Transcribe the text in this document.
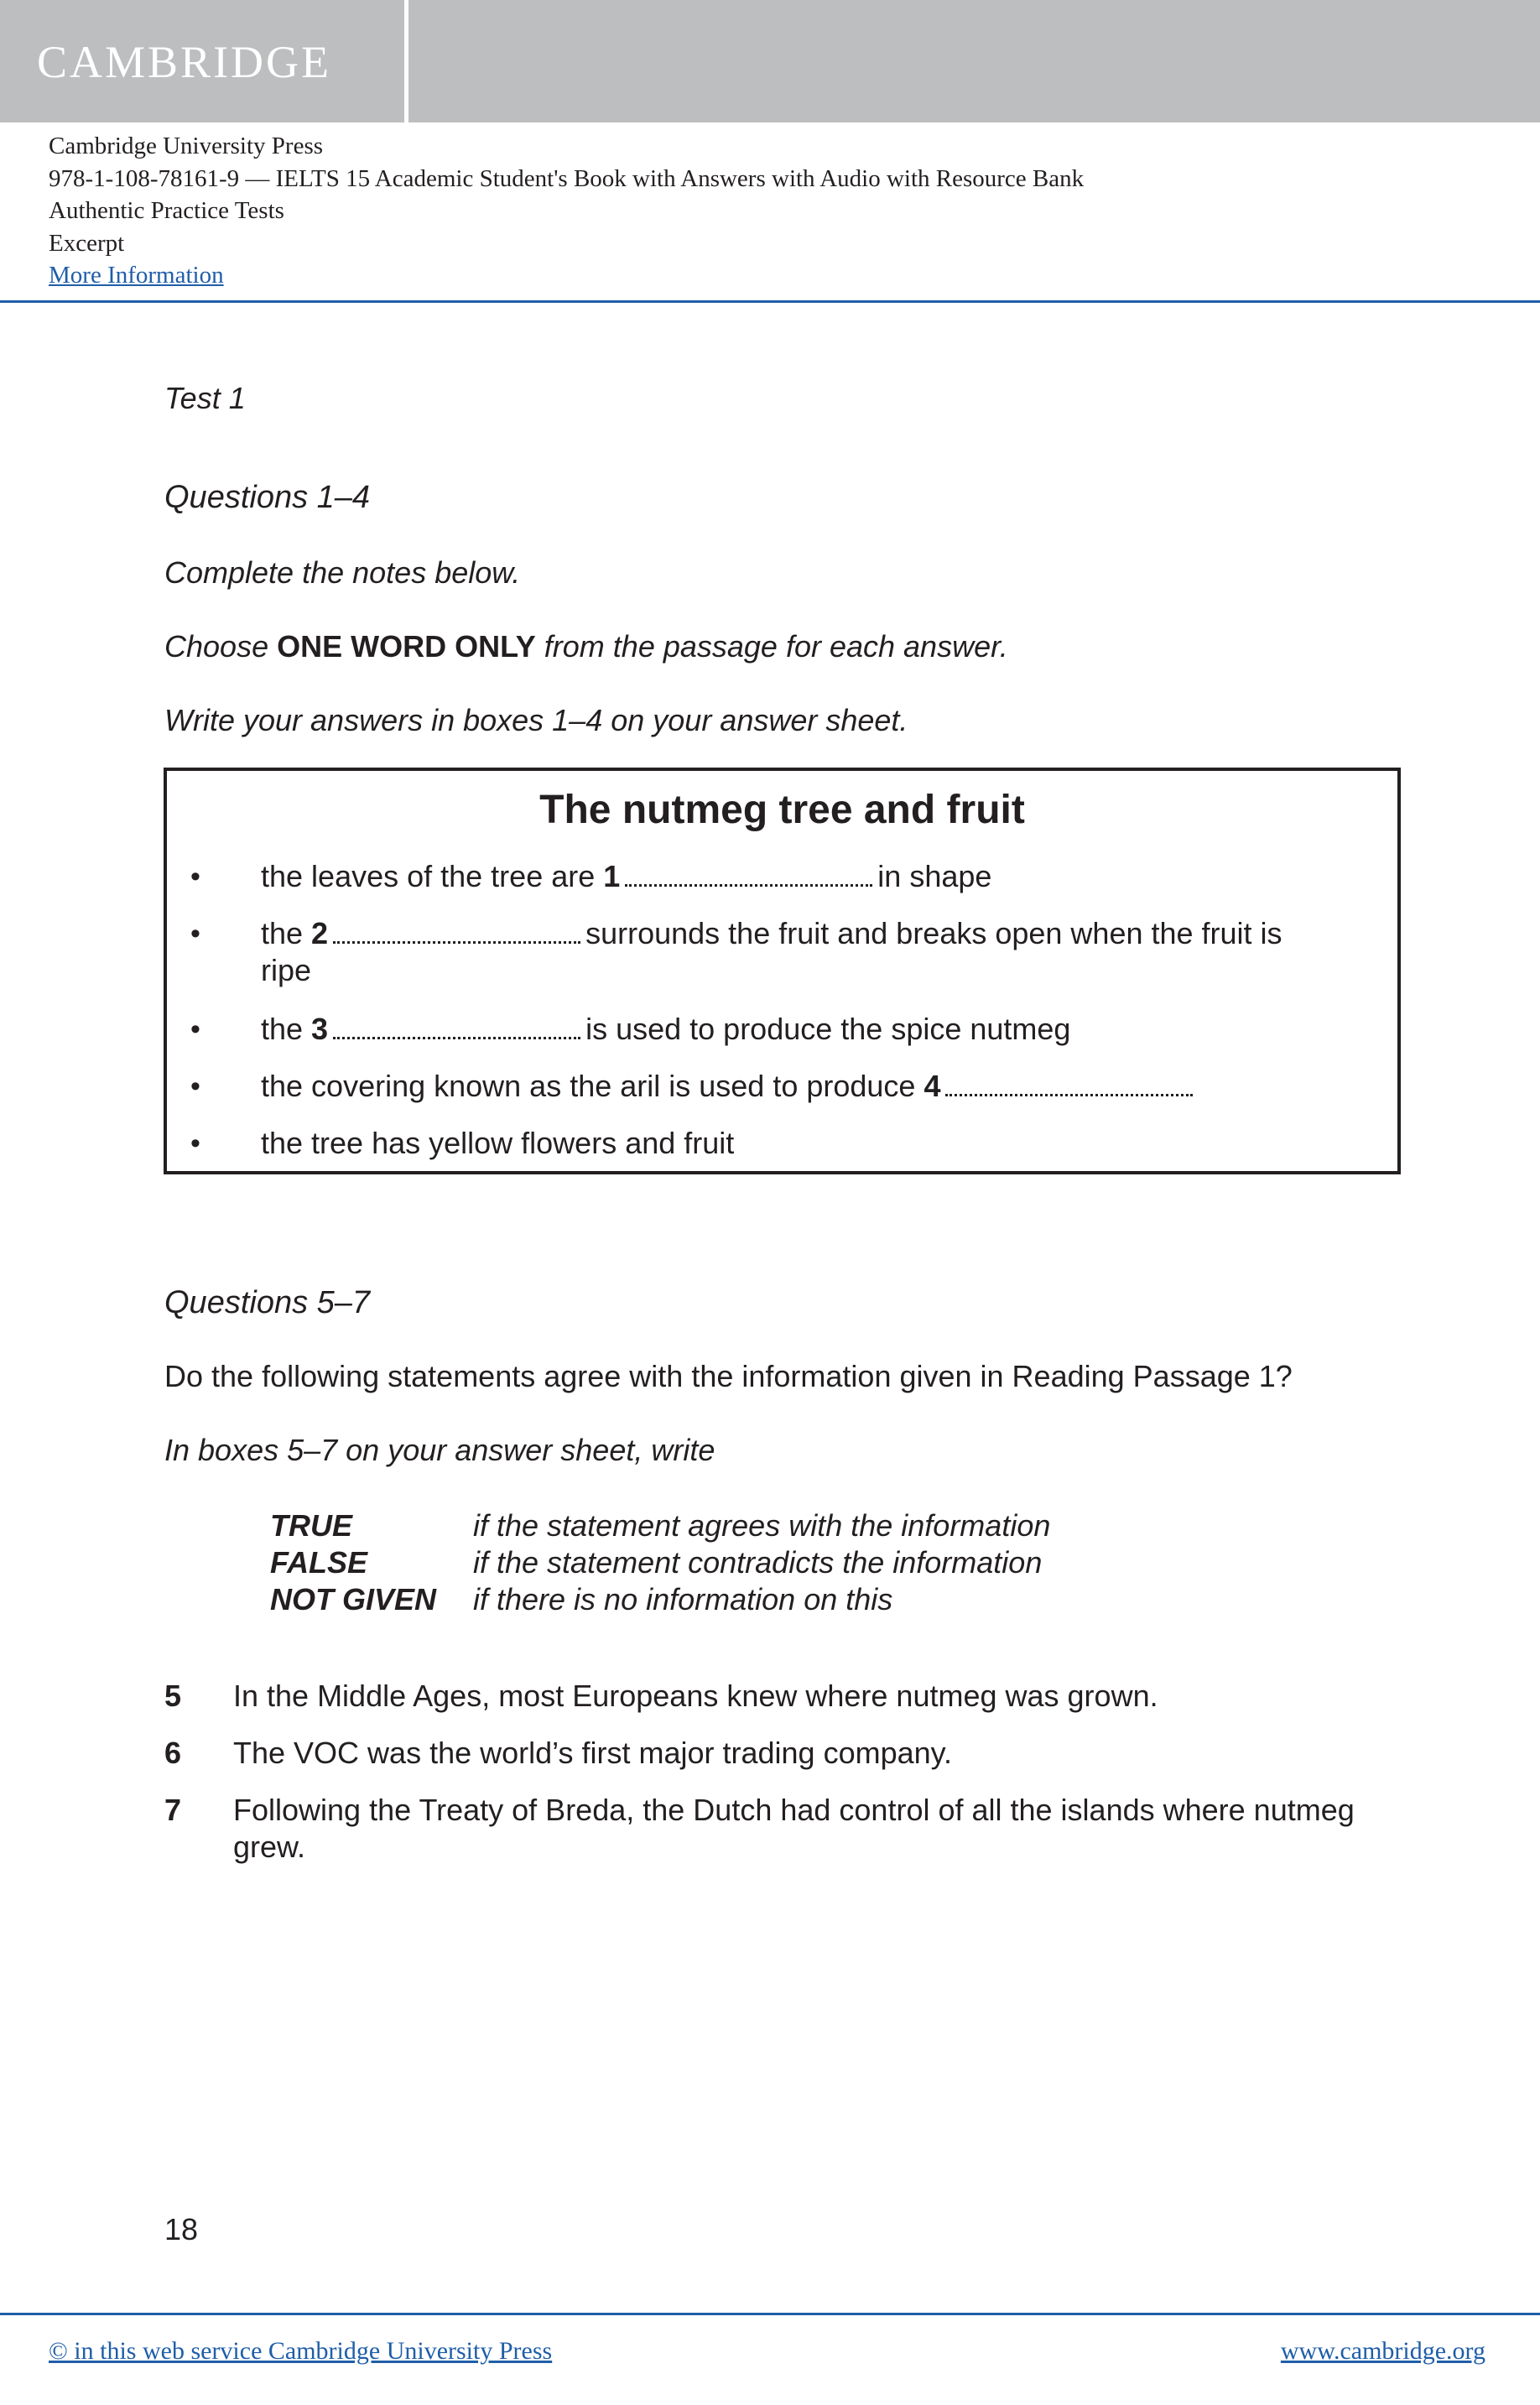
CAMBRIDGE
Cambridge University Press
978-1-108-78161-9 — IELTS 15 Academic Student's Book with Answers with Audio with Resource Bank
Authentic Practice Tests
Excerpt
More Information
Test 1
Questions 1–4
Complete the notes below.
Choose ONE WORD ONLY from the passage for each answer.
Write your answers in boxes 1–4 on your answer sheet.
The nutmeg tree and fruit
• the leaves of the tree are 1	in shape
• the 2	surrounds the fruit and breaks open when the fruit is ripe
• the 3	is used to produce the spice nutmeg
• the covering known as the aril is used to produce 4
• the tree has yellow flowers and fruit
Questions 5–7
Do the following statements agree with the information given in Reading Passage 1?
In boxes 5–7 on your answer sheet, write
TRUE	if the statement agrees with the information
FALSE	if the statement contradicts the information
NOT GIVEN if there is no information on this
5 In the Middle Ages, most Europeans knew where nutmeg was grown.
6 The VOC was the world’s first major trading company.
7 Following the Treaty of Breda, the Dutch had control of all the islands where nutmeg grew.
18
© in this web service Cambridge University Press	www.cambridge.org
